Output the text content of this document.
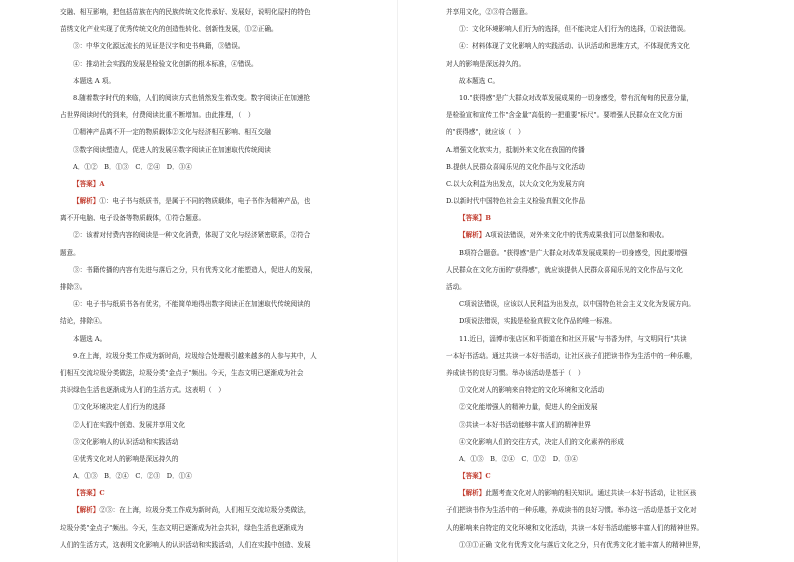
交融、相互影响，把包括苗族在内的民族传统文化传承好、发展好，说明化屋村的特色
苗绣文化产业实现了优秀传统文化的创造性转化、创新性发展，①②正确。
③：中华文化源远流长的见证是汉字和史书典籍，③错误。
④：推动社会实践的发展是检验文化创新的根本标准，④错误。
本题选 A 项。
8.随着数字时代的来临，人们的阅读方式也悄然发生着改变。数字阅读正在加速抢
占世界阅读时代的到来，付费阅读比重不断增加。由此推理，（　）
①精神产品离不开一定的物质载体②文化与经济相互影响、相互交融
③数字阅读塑造人，促进人的发展④数字阅读正在加速取代传统阅读
A．①②　B．①③　C．②④　D．③④
【答案】A
【解析】①：电子书与纸质书，是属于不同的物质载体，电子书作为精神产品，也
离不开电脑、电子设备等物质载体，①符合题意。
②：该着对付费内容的阅读是一种文化消费，体现了文化与经济紧密联系，②符合
题意。
③：书籍传播的内容有先进与落后之分，只有优秀文化才能塑造人，促进人的发展，
排除③。
④：电子书与纸质书各有优劣，不能简单地得出数字阅读正在加速取代传统阅读的
结论，排除④。
本题选 A。
9.在上海，垃圾分类工作成为新时尚，垃圾综合处理吸引越来越多的人参与其中，人
们相互交流垃圾分类做法，垃圾分类"金点子"频出。今天，生态文明已逐渐成为社会
共识绿色生活也逐渐成为人们的生活方式。这表明（　）
①文化环境决定人们行为的选择
②人们在实践中创造、发展并享用文化
③文化影响人的认识活动和实践活动
④优秀文化对人的影响是深远持久的
A．①③　B．②④　C．②③　D．①④
【答案】C
【解析】②③：在上海，垃圾分类工作成为新时尚，人们相互交流垃圾分类做法，
垃圾分类"金点子"频出。今天，生态文明已逐渐成为社会共识，绿色生活也逐渐成为
人们的生活方式，这表明文化影响人的认识活动和实践活动，人们在实践中创造、发展
并享用文化，②③符合题意。
①：文化环境影响人们行为的选择，但不能决定人们行为的选择，①说法错误。
④：材料体现了文化影响人的实践活动、认识活动和思维方式，不体现优秀文化
对人的影响是深远持久的。
故本题选 C。
10."获得感"是广大群众对改革发展成果的一切身感受，带有沉甸甸的民意分量，
是检验宣和宣传工作"含金量"高低的一把重要"标尺"。要增强人民群众在文化方面
的"获得感"，就应该（　）
A.增强文化软实力，抵制外来文化在我国的传播
B.提供人民群众喜闻乐见的文化作品与文化活动
C.以大众利益为出发点，以大众文化为发展方向
D.以新时代中国特色社会主义检验真假文化作品
【答案】B
【解析】A项说法错误，对外来文化中的优秀成果我们可以借鉴和吸收。
B项符合题意。"获得感"是广大群众对改革发展成果的一切身感受，因此要增强
人民群众在文化方面的"获得感"，就应该提供人民群众喜闻乐见的文化作品与文化
活动。
C项说法错误，应该以人民利益为出发点，以中国特色社会主义文化为发展方向。
D项说法错误，实践是检验真假文化作品的唯一标准。
11.近日，淄博市张店区和平街道在和社区开展"与书香为伴，与文明同行"共读
一本好书活动。通过共读一本好书活动，让社区孩子们把读书作为生活中的一种乐趣，
养成读书的良好习惯。举办该活动是基于（　）
①文化对人的影响来自特定的文化环境和文化活动
②文化能增强人的精神力量，促进人的全面发展
③共读一本好书活动能够丰富人们的精神世界
④文化影响人们的交往方式，决定人们的文化素养的形成
A．①③　B．②④　C．①②　D．③④
【答案】C
【解析】此题考查文化对人的影响的相关知识。通过共读一本好书活动，让社区孩
子们把读书作为生活中的一种乐趣，养成读书的良好习惯。举办这一活动是基于文化对
人的影响来自特定的文化环境和文化活动，共读一本好书活动能够丰富人们的精神世界。
①③①正确 文化有优秀文化与落后文化之分，只有优秀文化才能丰富人的精神世界，
